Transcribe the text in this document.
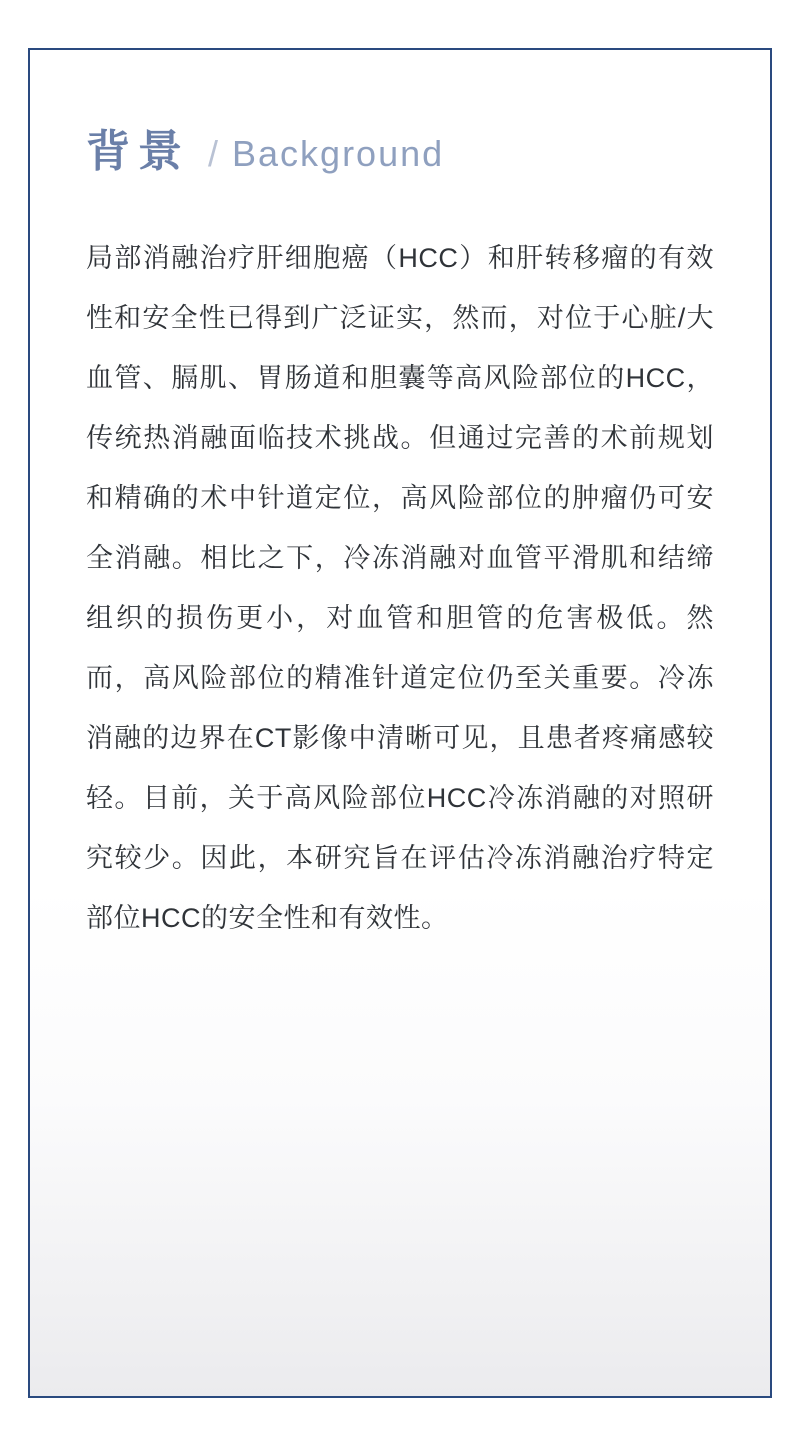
背景 / Background
局部消融治疗肝细胞癌（HCC）和肝转移瘤的有效性和安全性已得到广泛证实，然而，对位于心脏/大血管、膈肌、胃肠道和胆囊等高风险部位的HCC，传统热消融面临技术挑战。但通过完善的术前规划和精确的术中针道定位，高风险部位的肿瘤仍可安全消融。相比之下，冷冻消融对血管平滑肌和结缔组织的损伤更小，对血管和胆管的危害极低。然而，高风险部位的精准针道定位仍至关重要。冷冻消融的边界在CT影像中清晰可见，且患者疼痛感较轻。目前，关于高风险部位HCC冷冻消融的对照研究较少。因此，本研究旨在评估冷冻消融治疗特定部位HCC的安全性和有效性。
